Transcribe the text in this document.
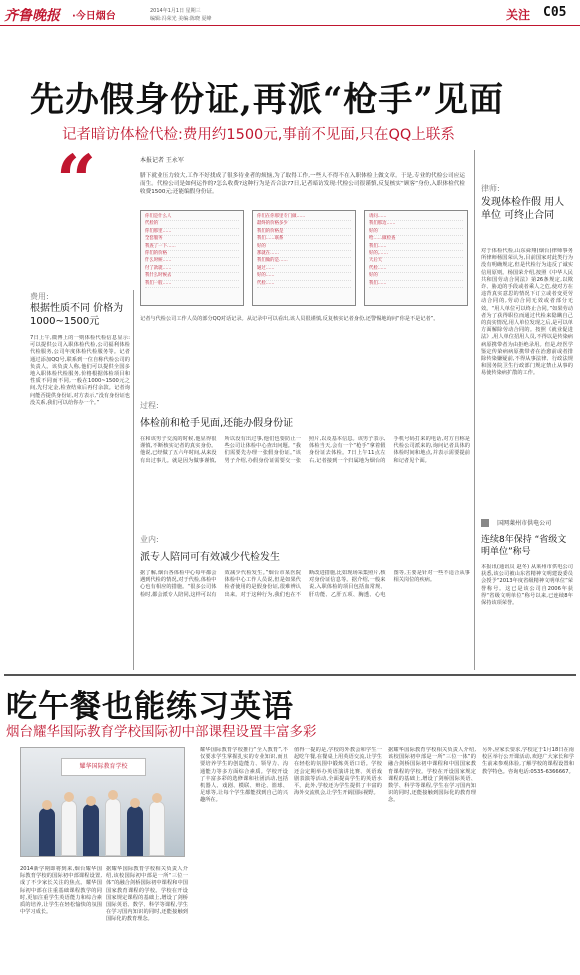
齐鲁晚报 ·今日烟台	2014年1月1日 星期三
编辑:冯荣光 美编:陈晓 夏峰	关注 C05
先办假身份证,再派“枪手”见面
记者暗访体检代检:费用约1500元,事前不见面,只在QQ上联系
“	本报记者 王永军
腊下就业压力较大,工作不好找成了很多待业者的烦恼,为了取得工作,一些人不得不在入职体检上做文章。于是,专业的代检公司应运而生。代检公司是如何运作的?怎么收费?这种行为是否合法?7日,记者暗访发现:代检公司很谨慎,反复核实“顾客”身份,入职体检代检收费1500元;还能编假身份证。
你们是什么人
代检的
你们那里……
全套服务
我查了一下……
你们的价格
什么时候……
付了款就……
我什么时候去
我们一般……
你们在你那里专门做……
最终的价格多少
我们的价格是
我们……联系
好的
那就在……
我们做的是……
通过……
好的……
代检……
请问……
我们那边……
好的
给……做检查
我们……
好的,……
大后天
代检……
好的
我们……
记者与代检公司工作人员的部分QQ对话记录。从记录中可以看出,该人员很谨慎,反复核实记者身份,还警惕地询问“你是不是记者”。
费用:
根据性质不同 价格为1000~1500元
7日上午,微博上的一则体检代检信息显示:可以提供公司入职体检代检,公司福利体检代检服务,公司年度体检代检服务等。记者通过添加QQ号,联系到一位自称代检公司的负责人。该负责人称,他们可以提供全国多地入职体检代检服务,价格根据体检项目和性质不同而不同,一般在1000~1500元之间,先付定金,检查结束后再付余款。记者询问能否提供身份证,对方表示,“没有身份证也没关系,我们可以给你办一个。”	过程:
体检前和枪手见面,还能办假身份证
在和该男子交流的时候,他显得很谨慎,不断核实记者的真实身份。他说,已经做了五六年时间,从来没有出过事儿。就是因为做事谨慎,所以没有出过事,他们也要防止一些公司让体检中心查出问题。“我们需要先办理一张假身份证。”该男子介绍,办假身份证需要交一张照片,以及基本信息。该男子表示,体检当天,会有一个“枪手”拿着假身份证去体检。7日上午11点左右,记者接到一个归属地为烟台的手机号码打来的电话,对方自称是代检公司派来的,询问记者具体的体检时间和地点,并表示需要提前和记者见个面。
业内:
派专人陪同可有效减少代检发生
据了解,烟台各体检中心每年都会遇到代检的情况,对于代检,体检中心也有相应的措施。“很多公司体检时,都会派专人陪同,这样可以有效减少代检发生。”烟台市某医院体检中心工作人员说,但是如果代检者使用的是假身份证,很难辨认出来。对于这种行为,我们也在不断改进措施,比如现场采集照片,核对身份证信息等。据介绍,一般来说,入职体检的项目包括血常规、肝功能、乙肝五项、胸透、心电图等,主要是针对一些不适合从事相关岗位的疾病。
律师:
发现体检作假 用人单位 可终止合同
对于体检代检,山东舜翔(烟台)律师事务所律师杨国荣认为,目前国家对此类行为没有明确规定,但是代检行为违反了诚实信用原则。杨国荣介绍,按照《中华人民共和国劳动合同法》第26条规定,以欺诈、胁迫的手段或者乘人之危,使对方在违背真实意思的情况下订立或者变更劳动合同的,劳动合同无效或者部分无效。“用人单位可以终止合同。”如果劳动者为了获得职位而通过代检来隐瞒自己的真实情况,用人单位发现之后,是可以单方面解除劳动合同的。按照《就业促进法》,用人单位招用人员,不得以是传染病病原携带者为由拒绝录用。但是,经医学鉴定传染病病原携带者在治愈前或者排除传染嫌疑前,不得从事法律、行政法规和国务院卫生行政部门规定禁止从事的易使传染病扩散的工作。
国网莱州市供电公司
连续8年保持 “省级文明单位”称号
本报讯(通讯员 赵冬) 从莱州市供电公司获悉,该公司被山东省精神文明建设委员会授予“2013年度省级精神文明单位”荣誉称号。这已是该公司自2006年获得“省级文明单位”称号以来,已连续8年保持该项荣誉。
吃午餐也能练习英语
烟台耀华国际教育学校国际初中部课程设置丰富多彩
耀华国际教育学校
2014新学期即将到来,烟台耀华国际教育学校的国际初中部课程设置,成了不少家长关注的焦点。耀华国际初中部在注重基础课程教学的同时,更加注重学生英语能力和综合素质的培养,让学生在轻松愉快的氛围中学习成长。
据耀华国际教育学校相关负责人介绍,该校国际初中部是一所“三位一体”的融合剑桥国际初中课程和中国国家教育课程的学校。学校在开设国家规定课程的基础上,增设了剑桥国际英语、数学、科学等课程,学生在学习国内知识的同时,还能接触到国际化的教育理念。
耀华国际教育学校推行“全人教育”,不仅要求学生掌握扎实的专业知识,而且要培养学生的创造能力、领导力、沟通能力等多方面综合素质。学校开设了丰富多彩的选修课和社团活动,包括机器人、戏剧、模联、辩论、篮球、足球等,让每个学生都能找到自己的兴趣所在。
值得一提的是,学校的外教会和学生一起吃午餐,在餐桌上用英语交流,让学生在轻松的氛围中锻炼英语口语。学校还会定期举办英语演讲比赛、英语戏剧表演等活动,全面提高学生的英语水平。此外,学校还为学生提供了丰富的海外交流机会,让学生开阔国际视野。
据耀华国际教育学校相关负责人介绍,该校国际初中部是一所“三位一体”的融合剑桥国际初中课程和中国国家教育课程的学校。学校在开设国家规定课程的基础上,增设了剑桥国际英语、数学、科学等课程,学生在学习国内知识的同时,还能接触到国际化的教育理念。
另外,应家长要求,学校定于1月18日在南校区举行公开课活动,欢迎广大家长和学生前来参观体验,了解学校的课程设置和教学特色。咨询电话:0535-6366667。
